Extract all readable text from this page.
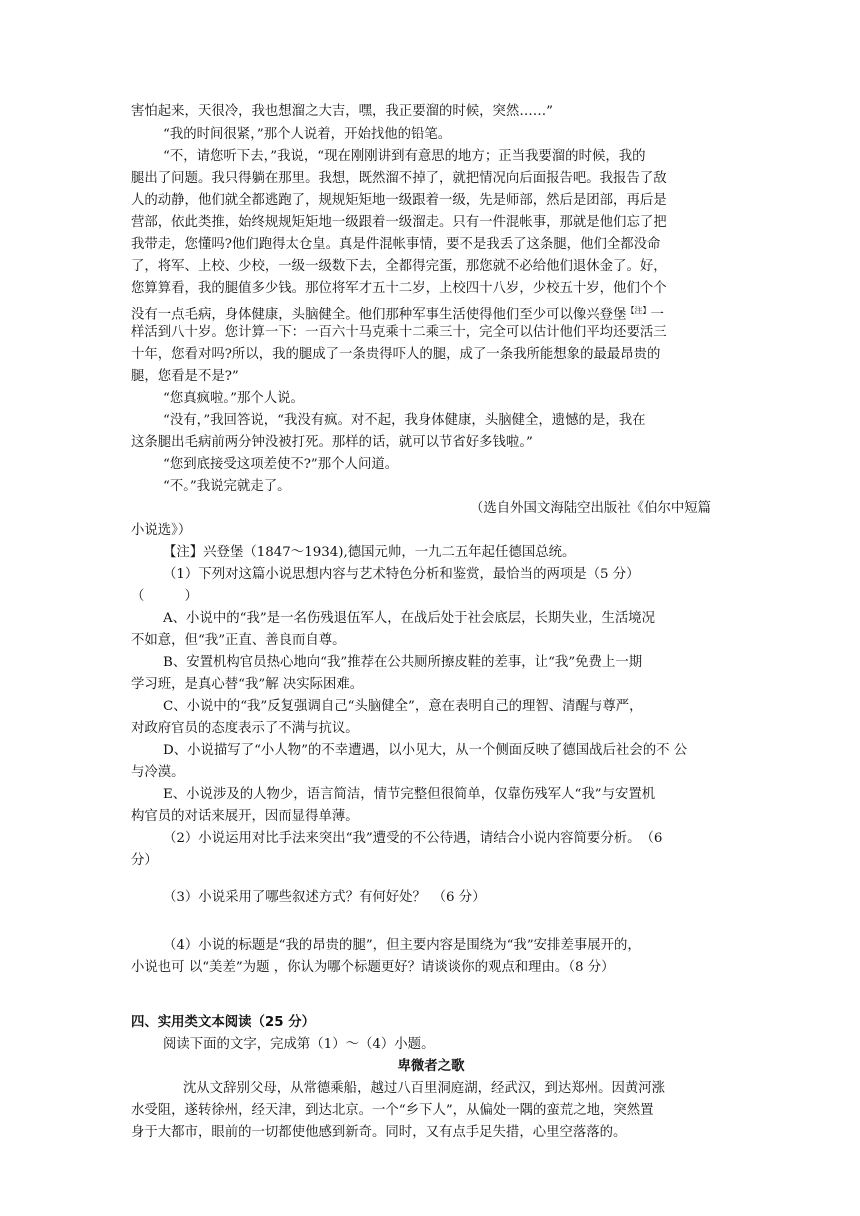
害怕起来，天很冷，我也想溜之大吉，嘿，我正要溜的时候，突然……”
“我的时间很紧，”那个人说着，开始找他的铅笔。
“不，请您听下去，”我说，“现在刚刚讲到有意思的地方；正当我要溜的时候，我的
腿出了问题。我只得躺在那里。我想，既然溜不掉了，就把情况向后面报告吧。我报告了敌
人的动静，他们就全都逃跑了，规规矩矩地一级跟着一级，先是师部，然后是团部，再后是
营部，依此类推，始终规规矩矩地一级跟着一级溜走。只有一件混帐事，那就是他们忘了把
我带走，您懂吗?他们跑得太仓皇。真是件混帐事情，要不是我丢了这条腿，他们全都没命
了，将军、上校、少校，一级一级数下去，全都得完蛋，那您就不必给他们退休金了。好，
您算算看，我的腿值多少钱。那位将军才五十二岁，上校四十八岁，少校五十岁，他们个个
没有一点毛病，身体健康，头脑健全。他们那种军事生活使得他们至少可以像兴登堡$^{【注】}$一
样活到八十岁。您计算一下：一百六十马克乘十二乘三十，完全可以估计他们平均还要活三
十年，您看对吗?所以，我的腿成了一条贵得吓人的腿，成了一条我所能想象的最最昂贵的
腿，您看是不是?”
“您真疯啦。”那个人说。
“没有，”我回答说，“我没有疯。对不起，我身体健康，头脑健全，遗憾的是，我在
这条腿出毛病前两分钟没被打死。那样的话，就可以节省好多钱啦。”
“您到底接受这项差使不?”那个人问道。
“不。”我说完就走了。
（选自外国文海陆空出版社《伯尔中短篇
小说选》）
【注】兴登堡（1847～1934),德国元帅，一九二五年起任德国总统。
（1）下列对这篇小说思想内容与艺术特色分析和鉴赏，最恰当的两项是（5 分）
（　　　）
A、小说中的“我”是一名伤残退伍军人，在战后处于社会底层，长期失业，生活境况
不如意，但“我”正直、善良而自尊。
B、安置机构官员热心地向“我”推荐在公共厕所擦皮鞋的差事，让“我”免费上一期
学习班，是真心替“我”解 决实际困难。
C、小说中的“我”反复强调自己“头脑健全”，意在表明自己的理智、清醒与尊严，
对政府官员的态度表示了不满与抗议。
D、小说描写了“小人物”的不幸遭遇，以小见大，从一个侧面反映了德国战后社会的不 公
与冷漠。
E、小说涉及的人物少，语言简洁，情节完整但很简单，仅靠伤残军人“我”与安置机
构官员的对话来展开，因而显得单薄。
（2）小说运用对比手法来突出“我”遭受的不公待遇，请结合小说内容简要分析。　（6
分）
（3）小说采用了哪些叙述方式？有何好处？　（6 分）
（4）小说的标题是“我的昂贵的腿”，但主要内容是围绕为“我”安排差事展开的，
小说也可 以“美差”为题 ，你认为哪个标题更好？请谈谈你的观点和理由。（8 分）
四、实用类文本阅读（25 分）
阅读下面的文字，完成第（1）～（4）小题。
卑微者之歌
沈从文辞别父母，从常德乘船，越过八百里洞庭湖，经武汉，到达郑州。因黄河涨
水受阻，遂转徐州，经天津，到达北京。一个“乡下人”，从偏处一隅的蛮荒之地，突然置
身于大都市，眼前的一切都使他感到新奇。同时，又有点手足失措，心里空落落的。
